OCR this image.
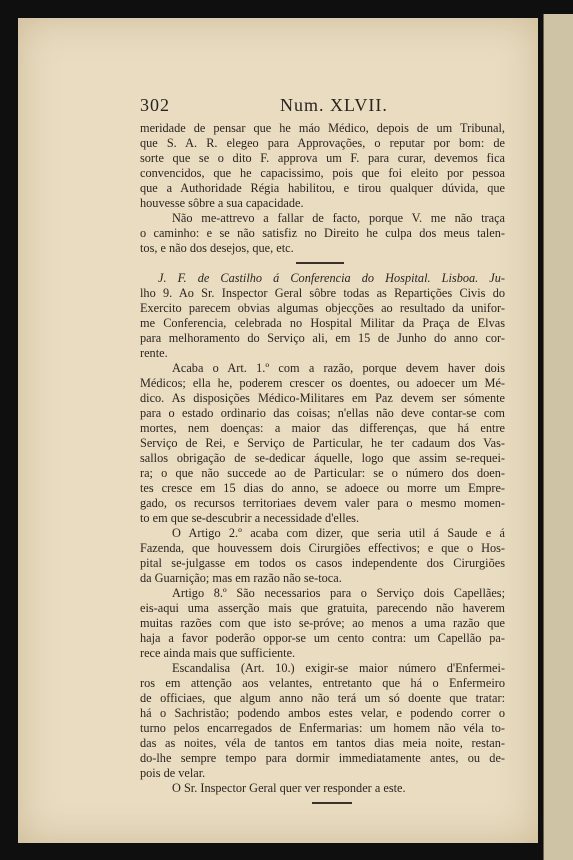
302	Num. XLVII.
meridade de pensar que he máo Médico, depois de um Tribunal,
que S. A. R. elegeo para Approvações, o reputar por bom: de
sorte que se o dito F. approva um F. para curar, devemos fica
convencidos, que he capacissimo, pois que foi eleito por pessoa
que a Authoridade Régia habilitou, e tirou qualquer dúvida, que
houvesse sôbre a sua capacidade.
Não me-attrevo a fallar de facto, porque V. me não traça
o caminho: e se não satisfiz no Direito he culpa dos meus talen-
tos, e não dos desejos, que, etc.
J. F. de Castilho á Conferencia do Hospital. Lisboa. Ju-
lho 9. Ao Sr. Inspector Geral sôbre todas as Repartições Civis do
Exercito parecem obvias algumas objecções ao resultado da unifor-
me Conferencia, celebrada no Hospital Militar da Praça de Elvas
para melhoramento do Serviço ali, em 15 de Junho do anno cor-
rente.
Acaba o Art. 1.º com a razão, porque devem haver dois
Médicos; ella he, poderem crescer os doentes, ou adoecer um Mé-
dico. As disposições Médico-Militares em Paz devem ser sómente
para o estado ordinario das coisas; n'ellas não deve contar-se com
mortes, nem doenças: a maior das differenças, que há entre
Serviço de Rei, e Serviço de Particular, he ter cadaum dos Vas-
sallos obrigação de se-dedicar áquelle, logo que assim se-requei-
ra; o que não succede ao de Particular: se o número dos doen-
tes cresce em 15 dias do anno, se adoece ou morre um Empre-
gado, os recursos territoriaes devem valer para o mesmo momen-
to em que se-descubrir a necessidade d'elles.
O Artigo 2.º acaba com dizer, que seria util á Saude e á
Fazenda, que houvessem dois Cirurgiões effectivos; e que o Hos-
pital se-julgasse em todos os casos independente dos Cirurgiões
da Guarnição; mas em razão não se-toca.
Artigo 8.º São necessarios para o Serviço dois Capellães;
eis-aqui uma asserção mais que gratuita, parecendo não haverem
muitas razões com que isto se-próve; ao menos a uma razão que
haja a favor poderão oppor-se um cento contra: um Capellão pa-
rece ainda mais que sufficiente.
Escandalisa (Art. 10.) exigir-se maior número d'Enfermei-
ros em attenção aos velantes, entretanto que há o Enfermeiro
de officiaes, que algum anno não terá um só doente que tratar:
há o Sachristão; podendo ambos estes velar, e podendo correr o
turno pelos encarregados de Enfermarias: um homem não véla to-
das as noites, véla de tantos em tantos dias meia noite, restan-
do-lhe sempre tempo para dormir immediatamente antes, ou de-
pois de velar.
O Sr. Inspector Geral quer ver responder a este.
